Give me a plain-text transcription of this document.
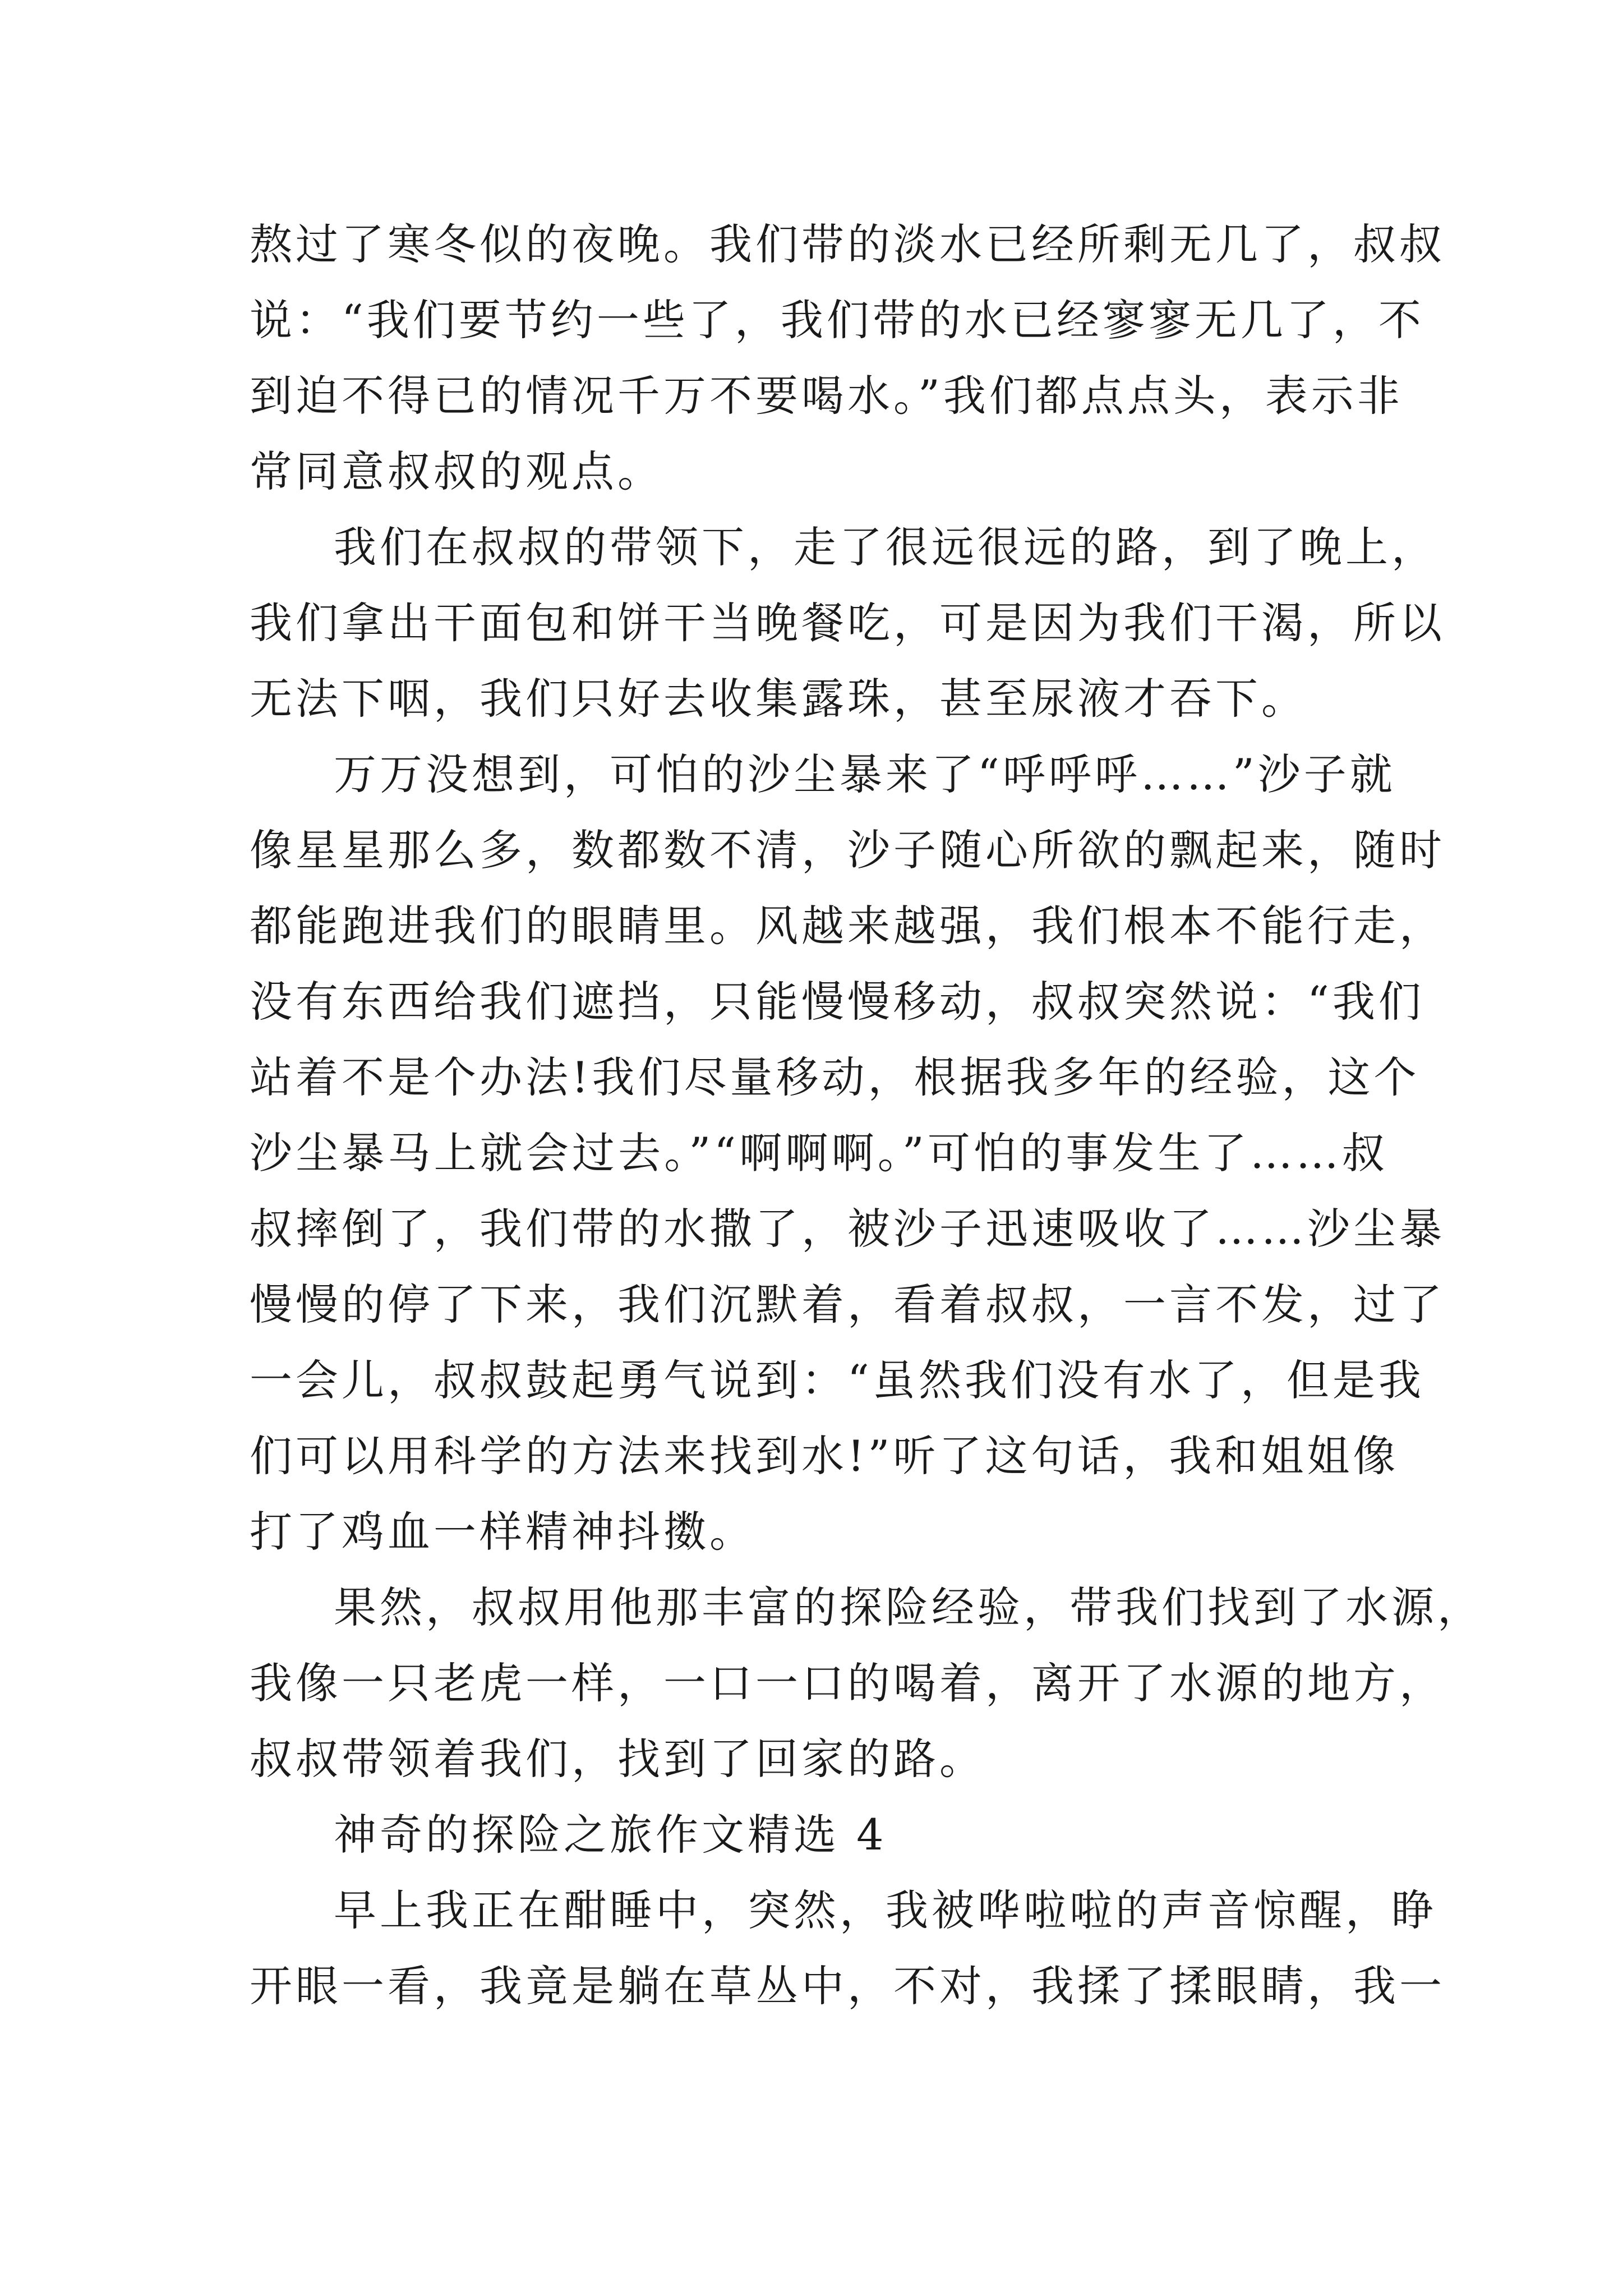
熬过了寒冬似的夜晚。我们带的淡水已经所剩无几了，叔叔
说：“我们要节约一些了，我们带的水已经寥寥无几了，不
到迫不得已的情况千万不要喝水。”我们都点点头，表示非
常同意叔叔的观点。
我们在叔叔的带领下，走了很远很远的路，到了晚上，
我们拿出干面包和饼干当晚餐吃，可是因为我们干渴，所以
无法下咽，我们只好去收集露珠，甚至尿液才吞下。
万万没想到，可怕的沙尘暴来了“呼呼呼……”沙子就
像星星那么多，数都数不清，沙子随心所欲的飘起来，随时
都能跑进我们的眼睛里。风越来越强，我们根本不能行走，
没有东西给我们遮挡，只能慢慢移动，叔叔突然说：“我们
站着不是个办法!我们尽量移动，根据我多年的经验，这个
沙尘暴马上就会过去。”“啊啊啊。”可怕的事发生了……叔
叔摔倒了，我们带的水撒了，被沙子迅速吸收了……沙尘暴
慢慢的停了下来，我们沉默着，看着叔叔，一言不发，过了
一会儿，叔叔鼓起勇气说到：“虽然我们没有水了，但是我
们可以用科学的方法来找到水!”听了这句话，我和姐姐像
打了鸡血一样精神抖擞。
果然，叔叔用他那丰富的探险经验，带我们找到了水源，
我像一只老虎一样，一口一口的喝着，离开了水源的地方，
叔叔带领着我们，找到了回家的路。
神奇的探险之旅作文精选 4
早上我正在酣睡中，突然，我被哗啦啦的声音惊醒，睁
开眼一看，我竟是躺在草丛中，不对，我揉了揉眼睛，我一
